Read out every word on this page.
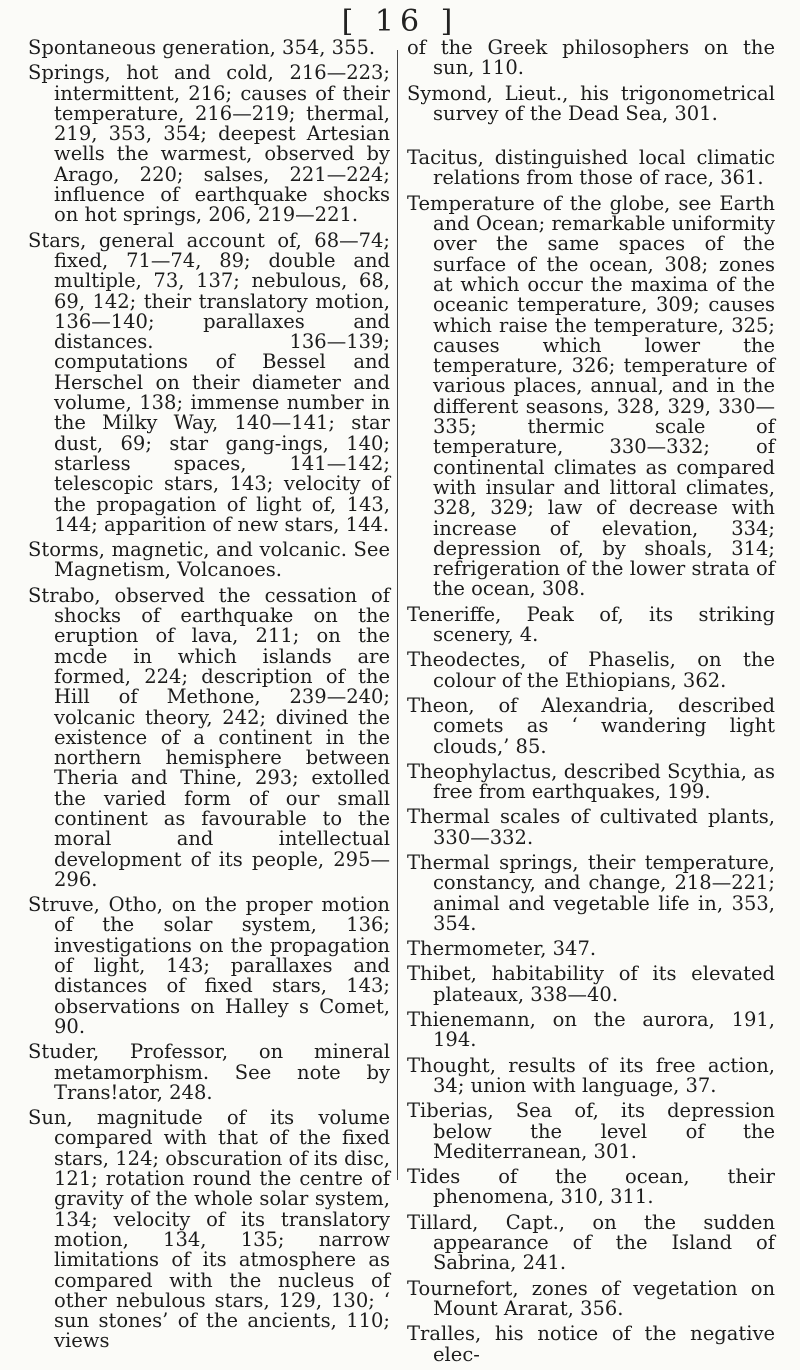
[ 16 ]

Spontaneous generation, 354, 355.

Springs, hot and cold, 216—223; intermittent, 216; causes of their temperature, 216—219; thermal, 219, 353, 354; deepest Artesian wells the warmest, observed by Arago, 220; salses, 221—224; influence of earthquake shocks on hot springs, 206, 219—221.

Stars, general account of, 68—74; fixed, 71—74, 89; double and multiple, 73, 137; nebulous, 68, 69, 142; their translatory motion, 136—140; parallaxes and distances. 136—139; computations of Bessel and Herschel on their diameter and volume, 138; immense number in the Milky Way, 140—141; star dust, 69; star gang-ings, 140; starless spaces, 141—142; telescopic stars, 143; velocity of the propagation of light of, 143, 144; apparition of new stars, 144.

Storms, magnetic, and volcanic. See Magnetism, Volcanoes.

Strabo, observed the cessation of shocks of earthquake on the eruption of lava, 211; on the mcde in which islands are formed, 224; description of the Hill of Methone, 239—240; volcanic theory, 242; divined the existence of a continent in the northern hemisphere between Theria and Thine, 293; extolled the varied form of our small continent as favourable to the moral and intellectual development of its people, 295—296.

Struve, Otho, on the proper motion of the solar system, 136; investigations on the propagation of light, 143; parallaxes and distances of fixed stars, 143; observations on Halley s Comet, 90.

Studer, Professor, on mineral metamorphism. See note by Trans!ator, 248.

Sun, magnitude of its volume compared with that of the fixed stars, 124; obscuration of its disc, 121; rotation round the centre of gravity of the whole solar system, 134; velocity of its translatory motion, 134, 135; narrow limitations of its atmosphere as compared with the nucleus of other nebulous stars, 129, 130; ‘ sun stones’ of the ancients, 110; views

of the Greek philosophers on the sun, 110.

Symond, Lieut., his trigonometrical survey of the Dead Sea, 301.

Tacitus, distinguished local climatic relations from those of race, 361.

Temperature of the globe, see Earth and Ocean; remarkable uniformity over the same spaces of the surface of the ocean, 308; zones at which occur the maxima of the oceanic temperature, 309; causes which raise the temperature, 325; causes which lower the temperature, 326; temperature of various places, annual, and in the different seasons, 328, 329, 330—335; thermic scale of temperature, 330—332; of continental climates as compared with insular and littoral climates, 328, 329; law of decrease with increase of elevation, 334; depression of, by shoals, 314; refrigeration of the lower strata of the ocean, 308.

Teneriffe, Peak of, its striking scenery, 4.

Theodectes, of Phaselis, on the colour of the Ethiopians, 362.

Theon, of Alexandria, described comets as ‘ wandering light clouds,’ 85.

Theophylactus, described Scythia, as free from earthquakes, 199.

Thermal scales of cultivated plants, 330—332.

Thermal springs, their temperature, constancy, and change, 218—221; animal and vegetable life in, 353, 354.

Thermometer, 347.

Thibet, habitability of its elevated plateaux, 338—40.

Thienemann, on the aurora, 191, 194.

Thought, results of its free action, 34; union with language, 37.

Tiberias, Sea of, its depression below the level of the Mediterranean, 301.

Tides of the ocean, their phenomena, 310, 311.

Tillard, Capt., on the sudden appearance of the Island of Sabrina, 241.

Tournefort, zones of vegetation on Mount Ararat, 356.

Tralles, his notice of the negative elec-
